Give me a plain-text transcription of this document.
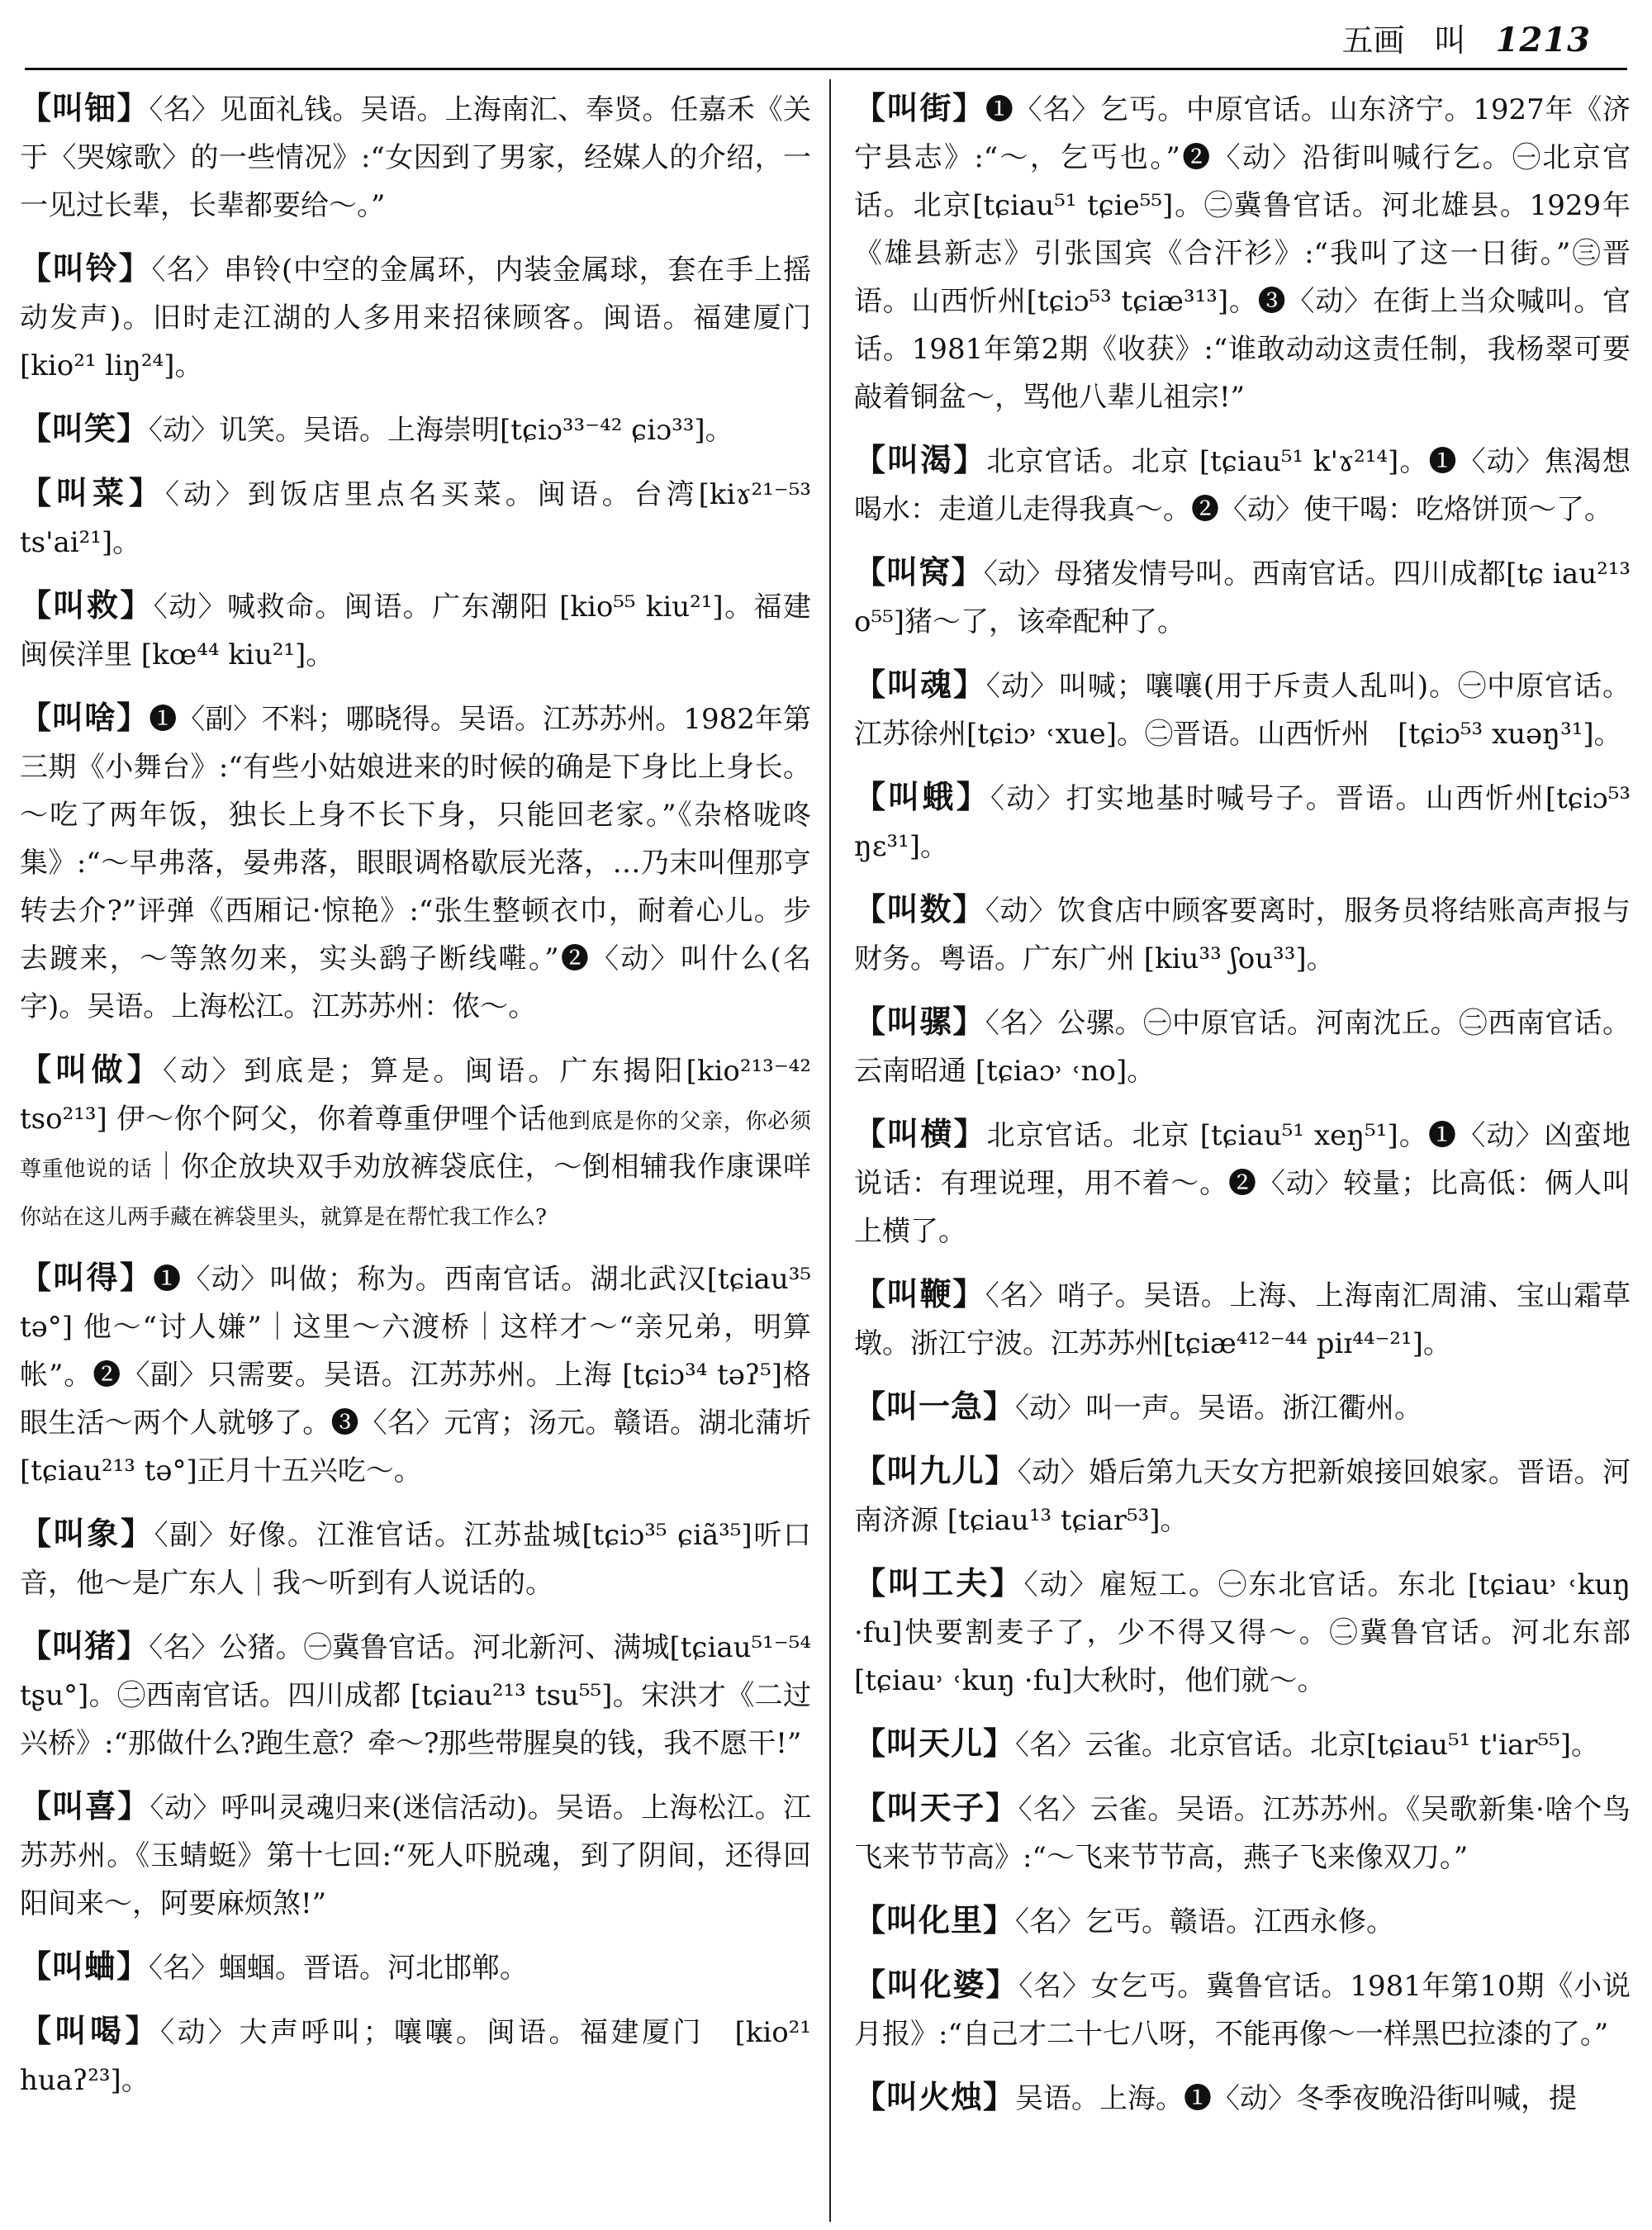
五画 叫 1213

【叫钿】〈名〉见面礼钱。吴语。上海南汇、奉贤。任嘉禾《关于〈哭嫁歌〉的一些情况》:“女因到了男家，经媒人的介绍，一一见过长辈，长辈都要给～。”

【叫铃】〈名〉串铃(中空的金属环，内装金属球，套在手上摇动发声)。旧时走江湖的人多用来招徕顾客。闽语。福建厦门 [kio²¹ liŋ²⁴]。

【叫笑】〈动〉讥笑。吴语。上海崇明[tɕiɔ³³⁻⁴² ɕiɔ³³]。

【叫菜】〈动〉到饭店里点名买菜。闽语。台湾[kiɤ²¹⁻⁵³ ts'ai²¹]。

【叫救】〈动〉喊救命。闽语。广东潮阳 [kio⁵⁵ kiu²¹]。福建闽侯洋里 [kœ⁴⁴ kiu²¹]。

【叫啥】❶〈副〉不料；哪晓得。吴语。江苏苏州。1982年第三期《小舞台》:“有些小姑娘进来的时候的确是下身比上身长。～吃了两年饭，独长上身不长下身，只能回老家。”《杂格咙咚集》:“～早弗落，晏弗落，眼眼调格歇辰光落，…乃末叫俚那亨转去介?”评弹《西厢记·惊艳》:“张生整顿衣巾，耐着心儿。步去踱来，～等煞勿来，实头鹞子断线嚡。”❷〈动〉叫什么(名字)。吴语。上海松江。江苏苏州：侬～。

【叫做】〈动〉到底是；算是。闽语。广东揭阳[kio²¹³⁻⁴² tso²¹³] 伊～你个阿父，你着尊重伊哩个话他到底是你的父亲，你必须尊重他说的话｜你企放块双手劝放裤袋底住，～倒相辅我作康课咩你站在这儿两手藏在裤袋里头，就算是在帮忙我工作么?

【叫得】❶〈动〉叫做；称为。西南官话。湖北武汉[tɕiau³⁵ tə°] 他～“讨人嫌”｜这里～六渡桥｜这样才～“亲兄弟，明算帐”。❷〈副〉只需要。吴语。江苏苏州。上海 [tɕiɔ³⁴ təʔ⁵]格眼生活～两个人就够了。❸〈名〉元宵；汤元。赣语。湖北蒲圻 [tɕiau²¹³ tə°]正月十五兴吃～。

【叫象】〈副〉好像。江淮官话。江苏盐城[tɕiɔ³⁵ ɕiã³⁵]听口音，他～是广东人｜我～听到有人说话的。

【叫猪】〈名〉公猪。㊀冀鲁官话。河北新河、满城[tɕiau⁵¹⁻⁵⁴ tʂu°]。㊁西南官话。四川成都 [tɕiau²¹³ tsu⁵⁵]。宋洪才《二过兴桥》:“那做什么?跑生意？牵～?那些带腥臭的钱，我不愿干!”

【叫喜】〈动〉呼叫灵魂归来(迷信活动)。吴语。上海松江。江苏苏州。《玉蜻蜓》第十七回:“死人吓脱魂，到了阴间，还得回阳间来～，阿要麻烦煞!”

【叫蛐】〈名〉蝈蝈。晋语。河北邯郸。

【叫喝】〈动〉大声呼叫；嚷嚷。闽语。福建厦门　[kio²¹ huaʔ²³]。

【叫街】❶〈名〉乞丐。中原官话。山东济宁。1927年《济宁县志》:“～，乞丐也。”❷〈动〉沿街叫喊行乞。㊀北京官话。北京[tɕiau⁵¹ tɕie⁵⁵]。㊁冀鲁官话。河北雄县。1929年《雄县新志》引张国宾《合汗衫》:“我叫了这一日街。”㊂晋语。山西忻州[tɕiɔ⁵³ tɕiæ³¹³]。❸〈动〉在街上当众喊叫。官话。1981年第2期《收获》:“谁敢动动这责任制，我杨翠可要敲着铜盆～，骂他八辈儿祖宗!”

【叫渴】北京官话。北京 [tɕiau⁵¹ k'ɤ²¹⁴]。❶〈动〉焦渴想喝水：走道儿走得我真～。❷〈动〉使干喝：吃烙饼顶～了。

【叫窝】〈动〉母猪发情号叫。西南官话。四川成都[tɕ iau²¹³ o⁵⁵]猪～了，该牵配种了。

【叫魂】〈动〉叫喊；嚷嚷(用于斥责人乱叫)。㊀中原官话。江苏徐州[tɕiɔ˒ ˓xue]。㊁晋语。山西忻州　[tɕiɔ⁵³ xuəŋ³¹]。

【叫蛾】〈动〉打实地基时喊号子。晋语。山西忻州[tɕiɔ⁵³ ŋɛ³¹]。

【叫数】〈动〉饮食店中顾客要离时，服务员将结账高声报与财务。粤语。广东广州 [kiu³³ ʃou³³]。

【叫骡】〈名〉公骡。㊀中原官话。河南沈丘。㊁西南官话。云南昭通 [tɕiaɔ˒ ˓no]。

【叫横】北京官话。北京 [tɕiau⁵¹ xeŋ⁵¹]。❶〈动〉凶蛮地说话：有理说理，用不着～。❷〈动〉较量；比高低：俩人叫上横了。

【叫鞭】〈名〉哨子。吴语。上海、上海南汇周浦、宝山霜草墩。浙江宁波。江苏苏州[tɕiæ⁴¹²⁻⁴⁴ piɪ⁴⁴⁻²¹]。

【叫一急】〈动〉叫一声。吴语。浙江衢州。

【叫九儿】〈动〉婚后第九天女方把新娘接回娘家。晋语。河南济源 [tɕiau¹³ tɕiar⁵³]。

【叫工夫】〈动〉雇短工。㊀东北官话。东北 [tɕiau˒ ˓kuŋ ·fu]快要割麦子了，少不得又得～。㊁冀鲁官话。河北东部[tɕiau˒ ˓kuŋ ·fu]大秋时，他们就～。

【叫天儿】〈名〉云雀。北京官话。北京[tɕiau⁵¹ t'iar⁵⁵]。

【叫天子】〈名〉云雀。吴语。江苏苏州。《吴歌新集·啥个鸟飞来节节高》:“～飞来节节高，燕子飞来像双刀。”

【叫化里】〈名〉乞丐。赣语。江西永修。

【叫化婆】〈名〉女乞丐。冀鲁官话。1981年第10期《小说月报》:“自己才二十七八呀，不能再像～一样黑巴拉漆的了。”

【叫火烛】吴语。上海。❶〈动〉冬季夜晚沿街叫喊，提
